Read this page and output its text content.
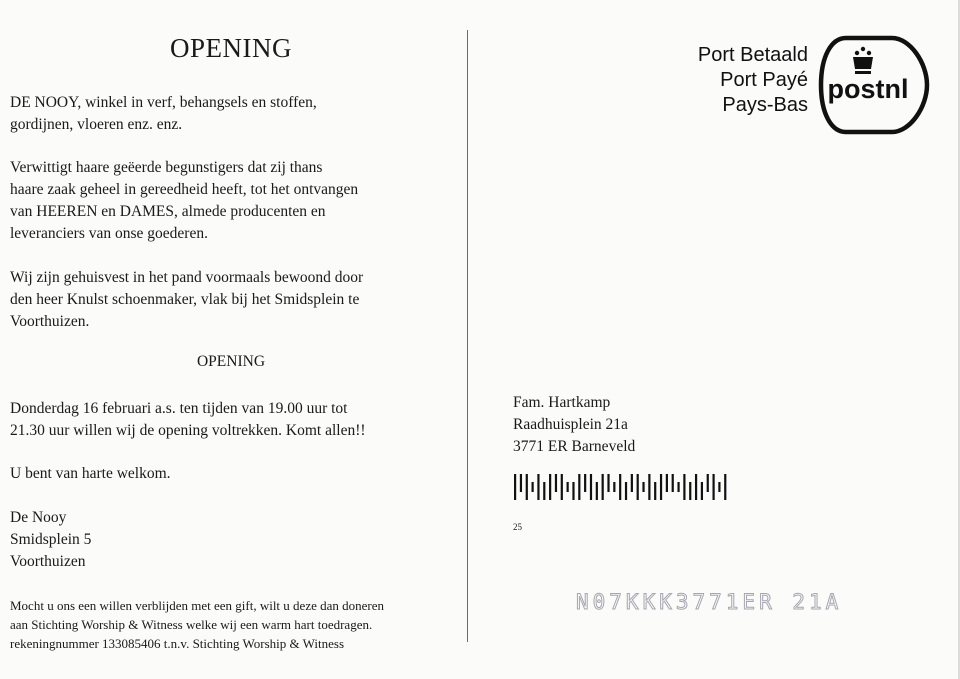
OPENING
DE NOOY, winkel in verf, behangsels en stoffen,
gordijnen, vloeren enz. enz.
Verwittigt haare geëerde begunstigers dat zij thans
haare zaak geheel in gereedheid heeft, tot het ontvangen
van HEEREN en DAMES, almede producenten en
leveranciers van onse goederen.
Wij zijn gehuisvest in het pand voormaals bewoond door
den heer Knulst schoenmaker, vlak bij het Smidsplein te
Voorthuizen.
OPENING
Donderdag 16 februari a.s. ten tijden van 19.00 uur tot
21.30 uur willen wij de opening voltrekken. Komt allen!!
U bent van harte welkom.
De Nooy
Smidsplein 5
Voorthuizen
Mocht u ons een willen verblijden met een gift, wilt u deze dan doneren
aan Stichting Worship & Witness welke wij een warm hart toedragen.
rekeningnummer 133085406 t.n.v. Stichting Worship & Witness
Port Betaald
Port Payé
Pays-Bas
postnl
Fam. Hartkamp
Raadhuisplein 21a
3771 ER Barneveld
25
N07KKK3771ER 21A
